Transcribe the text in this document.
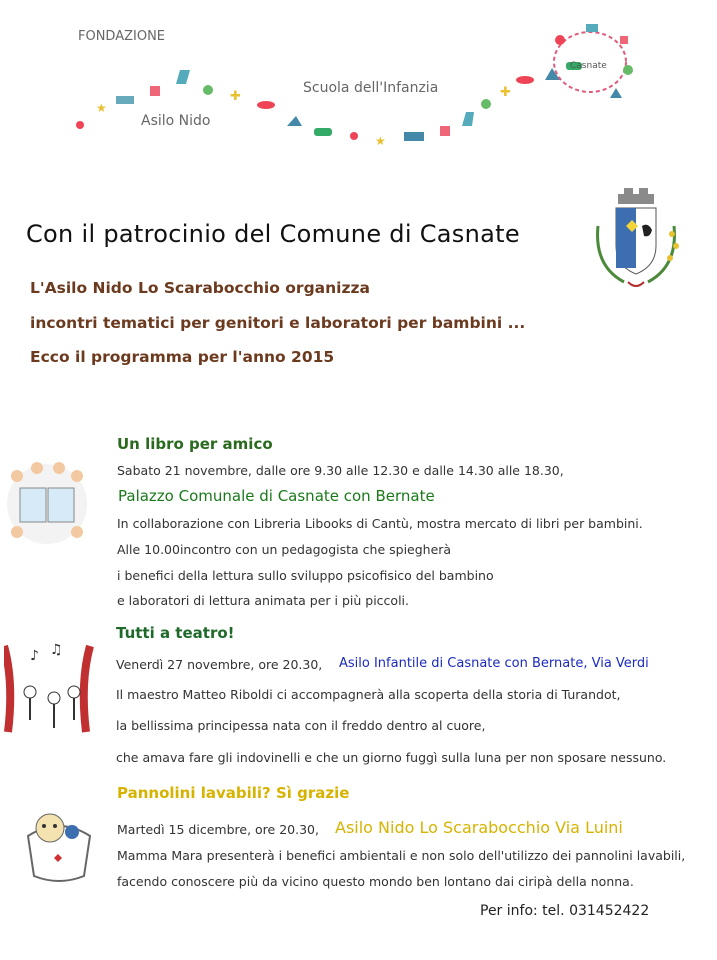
FONDAZIONE
Asilo Nido
Scuola dell'Infanzia
★
✚
★
✚
Casnate
Con il patrocinio del Comune di Casnate
L'Asilo Nido Lo Scarabocchio organizza
incontri tematici per genitori e laboratori per bambini ...
Ecco il programma per l'anno 2015
Un libro per amico
Sabato 21 novembre, dalle ore 9.30 alle 12.30 e dalle 14.30 alle 18.30,
Palazzo Comunale di Casnate con Bernate
In collaborazione con Libreria Libooks di Cantù, mostra mercato di libri per bambini.
Alle 10.00incontro con un pedagogista che spiegherà
i benefici della lettura sullo sviluppo psicofisico del bambino
e laboratori di lettura animata per i più piccoli.
♪ ♫
Tutti a teatro!
Venerdì 27 novembre, ore 20.30, Asilo Infantile di Casnate con Bernate, Via Verdi
Il maestro Matteo Riboldi ci accompagnerà alla scoperta della storia di Turandot,
la bellissima principessa nata con il freddo dentro al cuore,
che amava fare gli indovinelli e che un giorno fuggì sulla luna per non sposare nessuno.
Pannolini lavabili? Sì grazie
Martedì 15 dicembre, ore 20.30, Asilo Nido Lo Scarabocchio Via Luini
Mamma Mara presenterà i benefici ambientali e non solo dell'utilizzo dei pannolini lavabili,
facendo conoscere più da vicino questo mondo ben lontano dai ciripà della nonna.
Per info: tel. 031452422
